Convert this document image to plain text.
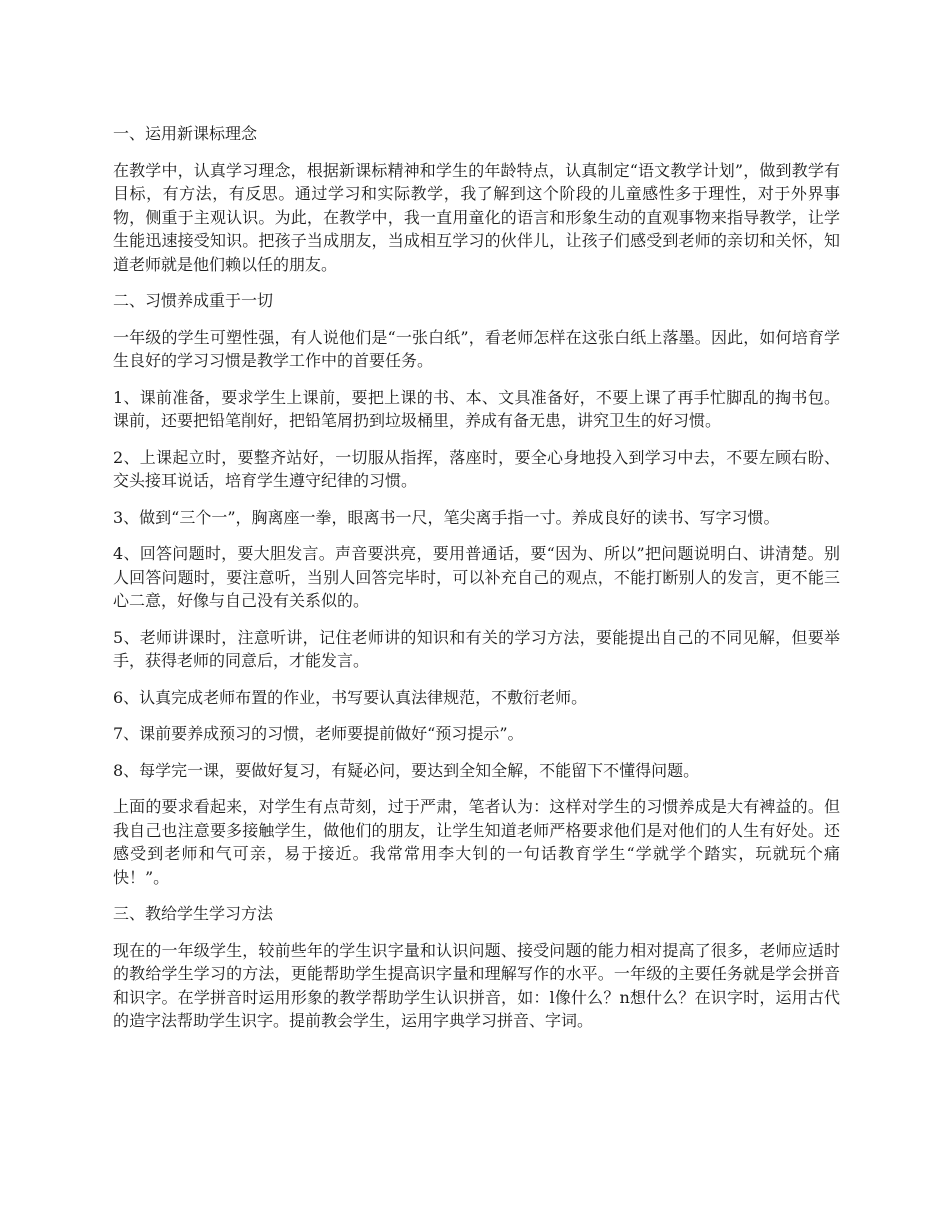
一、运用新课标理念
在教学中，认真学习理念，根据新课标精神和学生的年龄特点，认真制定“语文教学计划”，做到教学有目标，有方法，有反思。通过学习和实际教学，我了解到这个阶段的儿童感性多于理性，对于外界事物，侧重于主观认识。为此，在教学中，我一直用童化的语言和形象生动的直观事物来指导教学，让学生能迅速接受知识。把孩子当成朋友，当成相互学习的伙伴儿，让孩子们感受到老师的亲切和关怀，知道老师就是他们赖以任的朋友。
二、习惯养成重于一切
一年级的学生可塑性强，有人说他们是“一张白纸”，看老师怎样在这张白纸上落墨。因此，如何培育学生良好的学习习惯是教学工作中的首要任务。
1、课前准备，要求学生上课前，要把上课的书、本、文具准备好，不要上课了再手忙脚乱的掏书包。课前，还要把铅笔削好，把铅笔屑扔到垃圾桶里，养成有备无患，讲究卫生的好习惯。
2、上课起立时，要整齐站好，一切服从指挥，落座时，要全心身地投入到学习中去，不要左顾右盼、交头接耳说话，培育学生遵守纪律的习惯。
3、做到“三个一”，胸离座一拳，眼离书一尺，笔尖离手指一寸。养成良好的读书、写字习惯。
4、回答问题时，要大胆发言。声音要洪亮，要用普通话，要“因为、所以”把问题说明白、讲清楚。别人回答问题时，要注意听，当别人回答完毕时，可以补充自己的观点，不能打断别人的发言，更不能三心二意，好像与自己没有关系似的。
5、老师讲课时，注意听讲，记住老师讲的知识和有关的学习方法，要能提出自己的不同见解，但要举手，获得老师的同意后，才能发言。
6、认真完成老师布置的作业，书写要认真法律规范，不敷衍老师。
7、课前要养成预习的习惯，老师要提前做好“预习提示”。
8、每学完一课，要做好复习，有疑必问，要达到全知全解，不能留下不懂得问题。
上面的要求看起来，对学生有点苛刻，过于严肃，笔者认为：这样对学生的习惯养成是大有裨益的。但我自己也注意要多接触学生，做他们的朋友，让学生知道老师严格要求他们是对他们的人生有好处。还感受到老师和气可亲，易于接近。我常常用李大钊的一句话教育学生“学就学个踏实，玩就玩个痛快！”。
三、教给学生学习方法
现在的一年级学生，较前些年的学生识字量和认识问题、接受问题的能力相对提高了很多，老师应适时的教给学生学习的方法，更能帮助学生提高识字量和理解写作的水平。一年级的主要任务就是学会拼音和识字。在学拼音时运用形象的教学帮助学生认识拼音，如：l像什么？n想什么？在识字时，运用古代的造字法帮助学生识字。提前教会学生，运用字典学习拼音、字词。
